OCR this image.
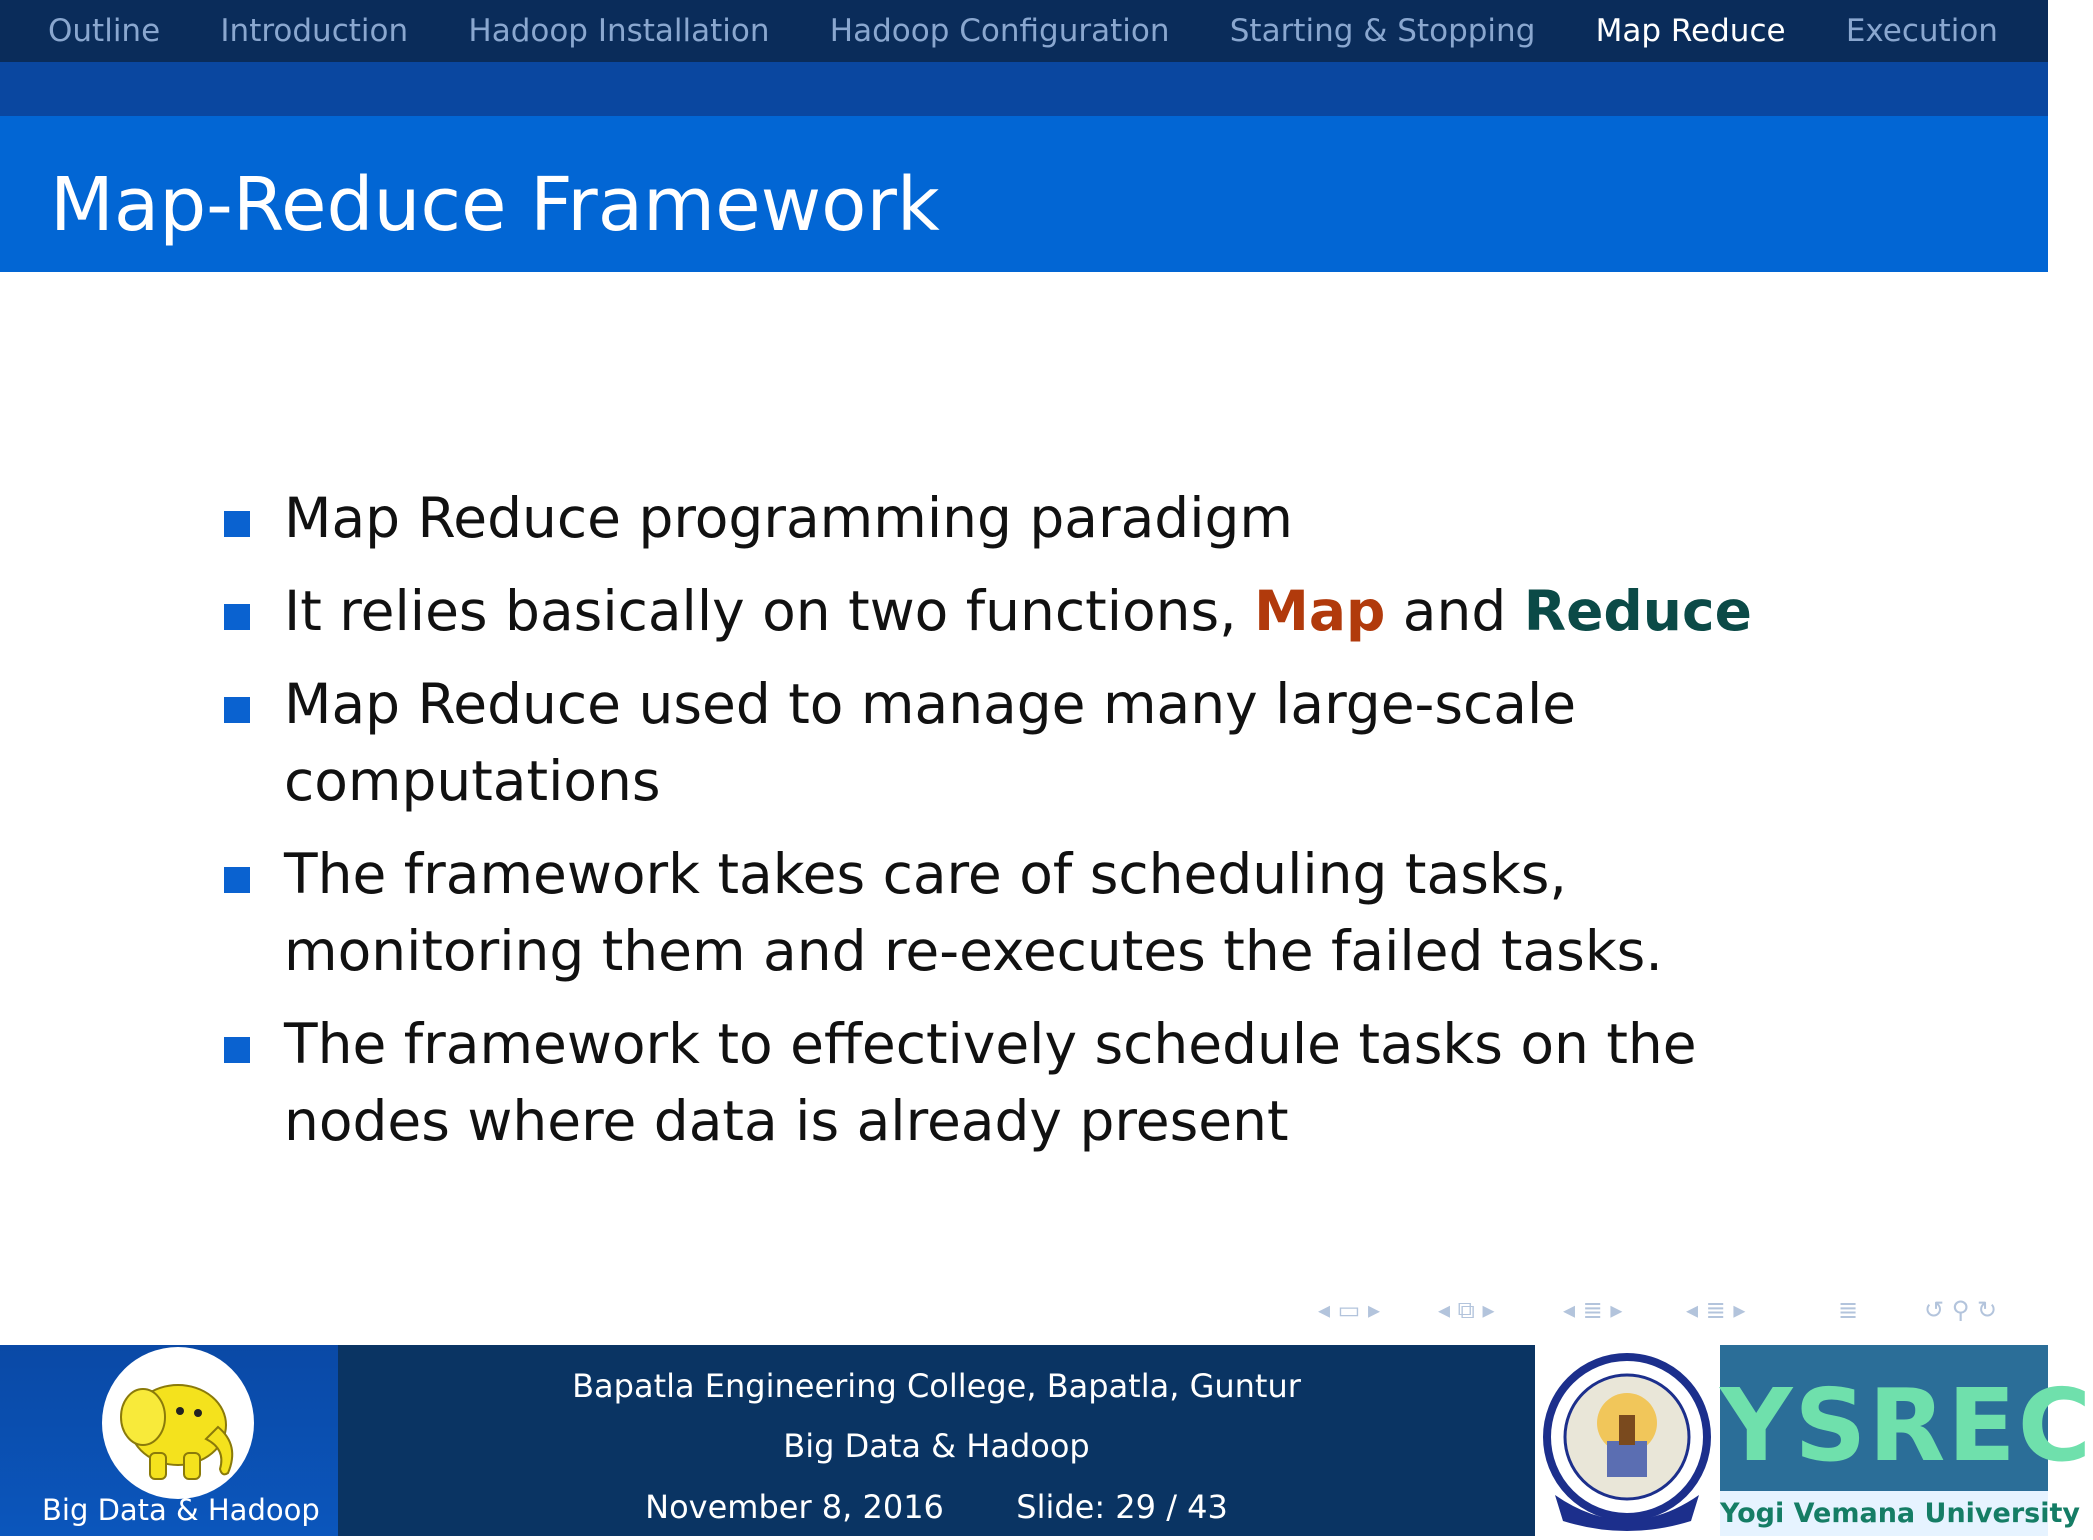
Outline Introduction Hadoop Installation Hadoop Configuration Starting & Stopping Map Reduce Execution
Map-Reduce Framework
Map Reduce programming paradigm
It relies basically on two functions, Map and Reduce
Map Reduce used to manage many large-scale computations
The framework takes care of scheduling tasks, monitoring them and re-executes the failed tasks.
The framework to effectively schedule tasks on the nodes where data is already present
◂ ▭ ▸ ◂ ⧉ ▸	◂ ≣ ▸	◂ ≣ ▸	≣	↺ ⚲ ↻
Big Data & Hadoop
Bapatla Engineering College, Bapatla, Guntur
Big Data & Hadoop
November 8, 2016 Slide: 29 / 43
YSREC
Yogi Vemana University
